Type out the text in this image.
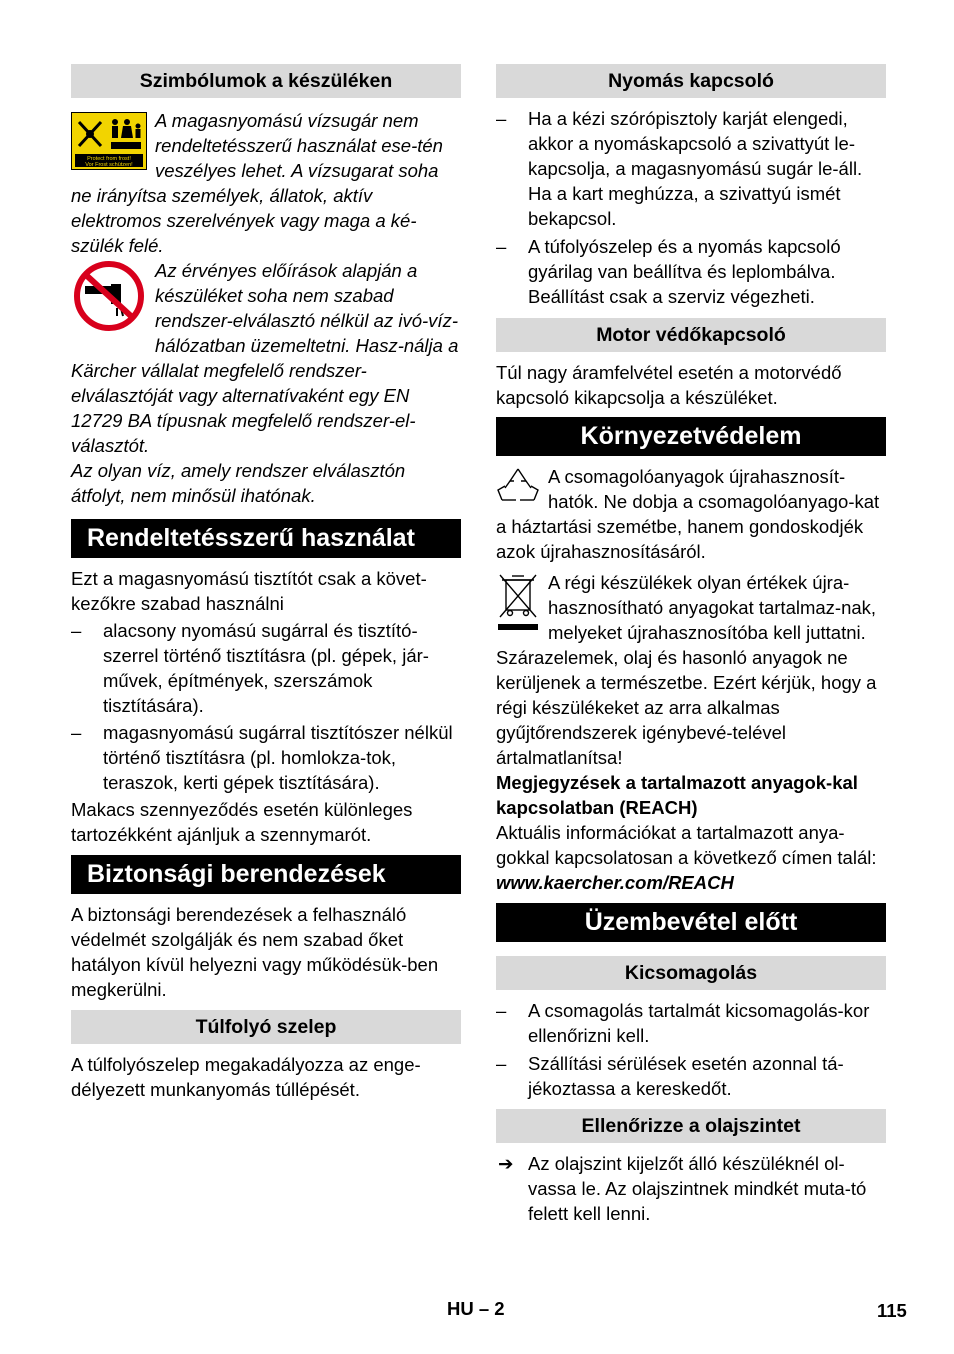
Szimbólumok a készüléken
Protect from frost!
Vor Frost schützen!

A magasnyomású vízsugár nem rendeltetésszerű használat ese-tén veszélyes lehet. A vízsugarat soha ne irányítsa személyek, állatok, aktív elektromos szerelvények vagy maga a ké-szülék felé.

Az érvényes előírások alapján a készüléket soha nem szabad rendszer-elválasztó nélkül az ivó-víz-hálózatban üzemeltetni. Hasz-nálja a Kärcher vállalat megfelelő rendszer-elválasztóját vagy alternatívaként egy EN 12729 BA típusnak megfelelő rendszer-el-választót.

Az olyan víz, amely rendszer elválasztón átfolyt, nem minősül ihatónak.

Rendeltetésszerű használat

Ezt a magasnyomású tisztítót csak a követ-kezőkre szabad használni

– alacsony nyomású sugárral és tisztító-szerrel történő tisztításra (pl. gépek, jár-művek, építmények, szerszámok tisztítására).
– magasnyomású sugárral tisztítószer nélkül történő tisztításra (pl. homlokza-tok, teraszok, kerti gépek tisztítására).

Makacs szennyeződés esetén különleges tartozékként ajánljuk a szennymarót.

Biztonsági berendezések

A biztonsági berendezések a felhasználó védelmét szolgálják és nem szabad őket hatályon kívül helyezni vagy működésük-ben megkerülni.

Túlfolyó szelep

A túlfolyószelep megakadályozza az enge-délyezett munkanyomás túllépését.

Nyomás kapcsoló
– Ha a kézi szórópisztoly karját elengedi, akkor a nyomáskapcsoló a szivattyút le-kapcsolja, a magasnyomású sugár le-áll. Ha a kart meghúzza, a szivattyú ismét bekapcsol.
– A túfolyószelep és a nyomás kapcsoló gyárilag van beállítva és leplombálva. Beállítást csak a szerviz végezheti.
Motor védőkapcsoló

Túl nagy áramfelvétel esetén a motorvédő kapcsoló kikapcsolja a készüléket.

Környezetvédelem

A csomagolóanyagok újrahasznosít-hatók. Ne dobja a csomagolóanyago-kat a háztartási szemétbe, hanem gondoskodjék azok újrahasznosításáról.

A régi készülékek olyan értékek újra-hasznosítható anyagokat tartalmaz-nak, melyeket újrahasznosítóba kell juttatni. Szárazelemek, olaj és hasonló anyagok ne kerüljenek a természetbe. Ezért kérjük, hogy a régi készülékeket az arra alkalmas gyűjtőrendszerek igénybevé-telével ártalmatlanítsa!

Megjegyzések a tartalmazott anyagok-kal kapcsolatban (REACH)

Aktuális információkat a tartalmazott anya-gokkal kapcsolatosan a következő címen talál:

www.kaercher.com/REACH

Üzembevétel előtt
Kicsomagolás
– A csomagolás tartalmát kicsomagolás-kor ellenőrizni kell.
– Szállítási sérülések esetén azonnal tá-jékoztassa a kereskedőt.
Ellenőrizze a olajszintet
➔ Az olajszint kijelzőt álló készüléknél ol-vassa le. Az olajszintnek mindkét muta-tó felett kell lenni.
HU – 2	115
